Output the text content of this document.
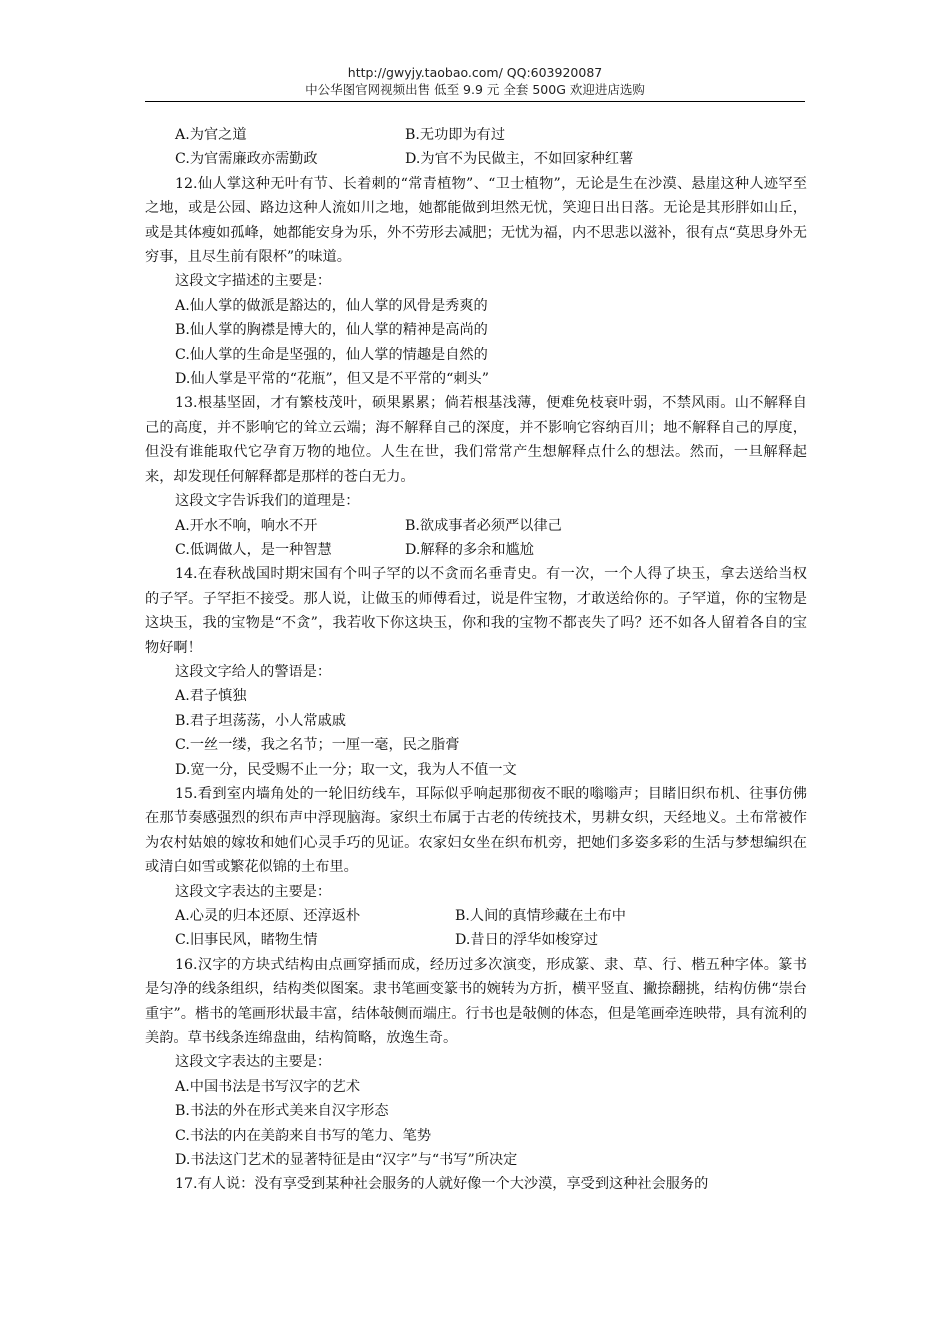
http://gwyjy.taobao.com/ QQ:603920087
中公华图官网视频出售 低至 9.9 元 全套 500G 欢迎进店选购
A.为官之道	B.无功即为有过
C.为官需廉政亦需勤政	D.为官不为民做主，不如回家种红薯

12.仙人掌这种无叶有节、长着刺的“常青植物”、“卫士植物”，无论是生在沙漠、悬崖这种人迹罕至之地，或是公园、路边这种人流如川之地，她都能做到坦然无忧，笑迎日出日落。无论是其形胖如山丘，或是其体瘦如孤峰，她都能安身为乐，外不劳形去减肥；无忧为福，内不思悲以滋补，很有点“莫思身外无穷事，且尽生前有限杯”的味道。

这段文字描述的主要是：
A.仙人掌的做派是豁达的，仙人掌的风骨是秀爽的
B.仙人掌的胸襟是博大的，仙人掌的精神是高尚的
C.仙人掌的生命是坚强的，仙人掌的情趣是自然的
D.仙人掌是平常的“花瓶”，但又是不平常的“刺头”

13.根基坚固，才有繁枝茂叶，硕果累累；倘若根基浅薄，便难免枝衰叶弱，不禁风雨。山不解释自己的高度，并不影响它的耸立云端；海不解释自己的深度，并不影响它容纳百川；地不解释自己的厚度，但没有谁能取代它孕育万物的地位。人生在世，我们常常产生想解释点什么的想法。然而，一旦解释起来，却发现任何解释都是那样的苍白无力。

这段文字告诉我们的道理是：
A.开水不响，响水不开	B.欲成事者必须严以律己
C.低调做人，是一种智慧	D.解释的多余和尴尬

14.在春秋战国时期宋国有个叫子罕的以不贪而名垂青史。有一次，一个人得了块玉，拿去送给当权的子罕。子罕拒不接受。那人说，让做玉的师傅看过，说是件宝物，才敢送给你的。子罕道，你的宝物是这块玉，我的宝物是“不贪”，我若收下你这块玉，你和我的宝物不都丧失了吗？还不如各人留着各自的宝物好啊！

这段文字给人的警语是：
A.君子慎独
B.君子坦荡荡，小人常戚戚
C.一丝一缕，我之名节；一厘一毫，民之脂膏
D.宽一分，民受赐不止一分；取一文，我为人不值一文

15.看到室内墙角处的一轮旧纺线车，耳际似乎响起那彻夜不眠的嗡嗡声；目睹旧织布机、往事仿佛在那节奏感强烈的织布声中浮现脑海。家织土布属于古老的传统技术，男耕女织，天经地义。土布常被作为农村姑娘的嫁妆和她们心灵手巧的见证。农家妇女坐在织布机旁，把她们多姿多彩的生活与梦想编织在或清白如雪或繁花似锦的土布里。

这段文字表达的主要是：
A.心灵的归本还原、还淳返朴	B.人间的真情珍藏在土布中
C.旧事民风，睹物生情	D.昔日的浮华如梭穿过

16.汉字的方块式结构由点画穿插而成，经历过多次演变，形成篆、隶、草、行、楷五种字体。篆书是匀净的线条组织，结构类似图案。隶书笔画变篆书的婉转为方折，横平竖直、撇捺翻挑，结构仿佛“崇台重宇”。楷书的笔画形状最丰富，结体敧侧而端庄。行书也是敧侧的体态，但是笔画牵连映带，具有流利的美韵。草书线条连绵盘曲，结构简略，放逸生奇。

这段文字表达的主要是：
A.中国书法是书写汉字的艺术
B.书法的外在形式美来自汉字形态
C.书法的内在美韵来自书写的笔力、笔势
D.书法这门艺术的显著特征是由“汉字”与“书写”所决定

17.有人说：没有享受到某种社会服务的人就好像一个大沙漠，享受到这种社会服务的
